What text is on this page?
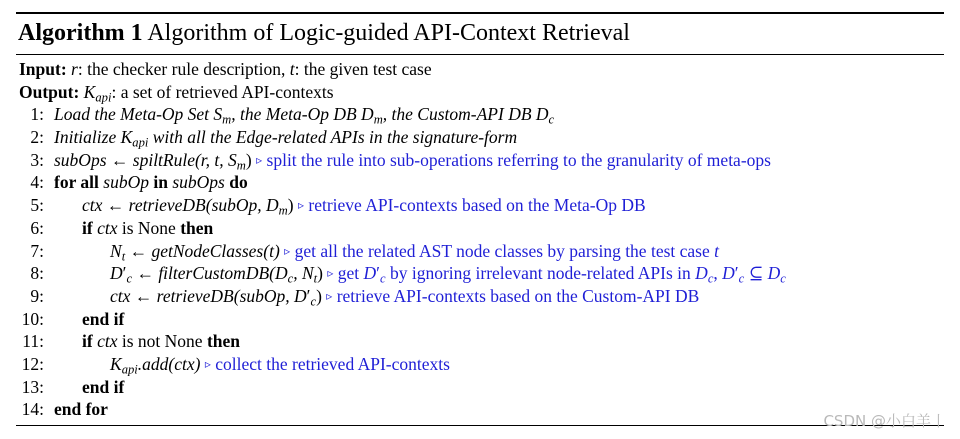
Algorithm 1 Algorithm of Logic-guided API-Context Retrieval
Input: r: the checker rule description, t: the given test case
Output: $K_{api}$: a set of retrieved API-contexts
1: Load the Meta-Op Set $S_m$, the Meta-Op DB $D_m$, the Custom-API DB $D_c$
2: Initialize $K_{api}$ with all the Edge-related APIs in the signature-form
3: subOps ← spiltRule(r, t, $S_m$) ▹ split the rule into sub-operations referring to the granularity of meta-ops
4: for all subOp in subOps do
5: ctx ← retrieveDB(subOp, $D_m$) ▹ retrieve API-contexts based on the Meta-Op DB
6: if ctx is None then
7:	$N_t$ ← getNodeClasses(t) ▹ get all the related AST node classes by parsing the test case t
8:	$D'_c$ ← $filterCustomDB(D_c$, $N_t$) ▹ get $D'_c$ by ignoring irrelevant node-related APIs in $D_c$, $D'_c$ ⊆ $D_c$
9:	ctx ← retrieveDB(subOp, $D'_c$) ▹ retrieve API-contexts based on the Custom-API DB
10: end if
11: if ctx is not None then
12:	$K_{api}.add(ctx)$ ▹ collect the retrieved API-contexts
13: end if
14: end for
CSDN @小白羊丨
